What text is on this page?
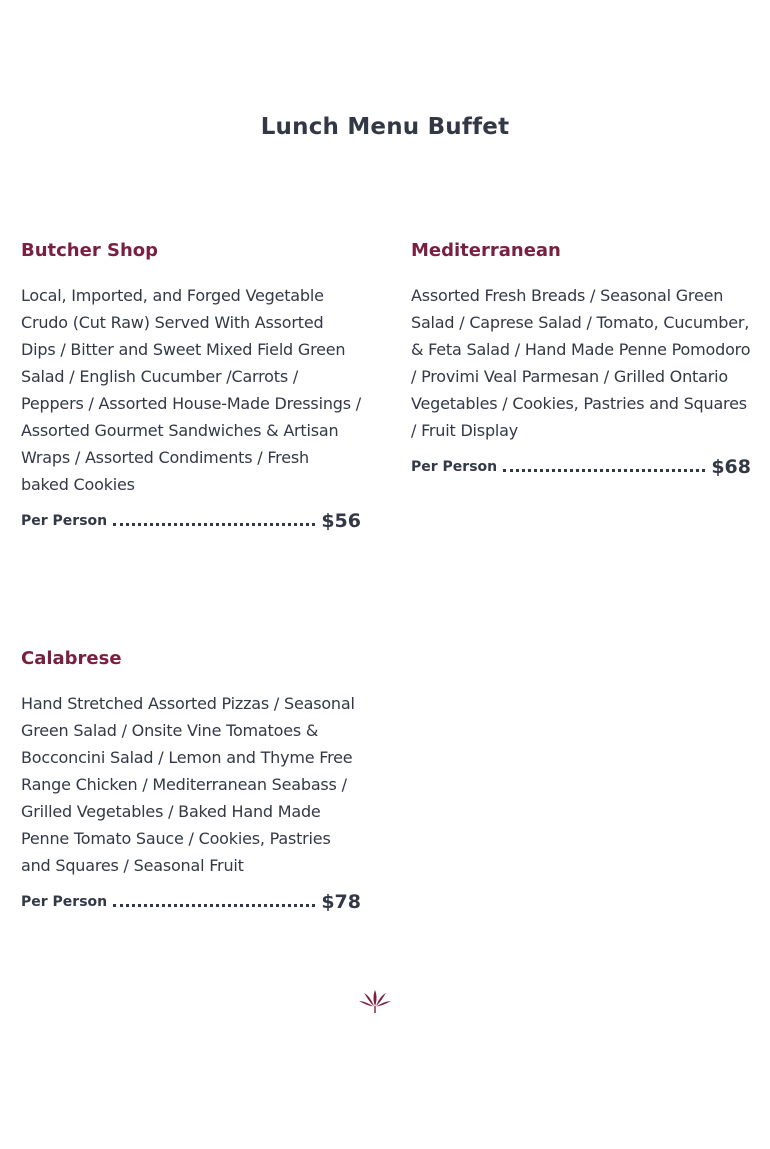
Lunch Menu Buffet
Butcher Shop

Local, Imported, and Forged Vegetable Crudo (Cut Raw) Served With Assorted Dips / Bitter and Sweet Mixed Field Green Salad / English Cucumber /Carrots / Peppers / Assorted House-Made Dressings / Assorted Gourmet Sandwiches & Artisan Wraps / Assorted Condiments / Fresh baked Cookies

Per Person	$56
Mediterranean

Assorted Fresh Breads / Seasonal Green Salad / Caprese Salad / Tomato, Cucumber, & Feta Salad / Hand Made Penne Pomodoro / Provimi Veal Parmesan / Grilled Ontario Vegetables / Cookies, Pastries and Squares / Fruit Display

Per Person	$68
Calabrese

Hand Stretched Assorted Pizzas / Seasonal Green Salad / Onsite Vine Tomatoes & Bocconcini Salad / Lemon and Thyme Free Range Chicken / Mediterranean Seabass / Grilled Vegetables / Baked Hand Made Penne Tomato Sauce / Cookies, Pastries and Squares / Seasonal Fruit

Per Person	$78
